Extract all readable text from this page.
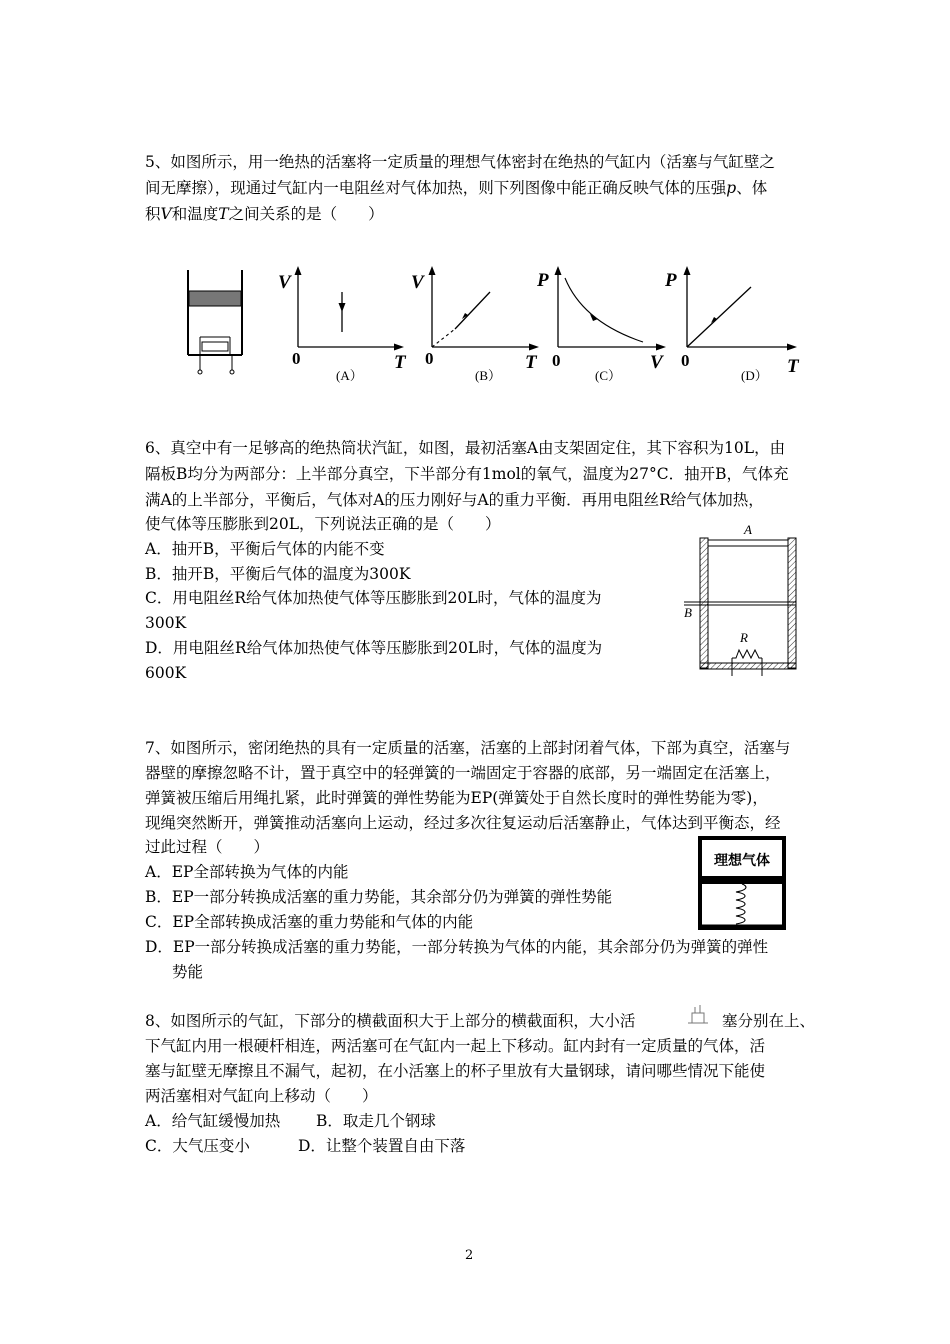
5、如图所示，用一绝热的活塞将一定质量的理想气体密封在绝热的气缸内（活塞与气缸壁之
间无摩擦），现通过气缸内一电阻丝对气体加热，则下列图像中能正确反映气体的压强p、体
积V和温度T之间关系的是（　　）
V
0	T
(A）
V
0	T
(B）
P
0	V
(C）
P
0	T
(D）
6、真空中有一足够高的绝热筒状汽缸，如图，最初活塞A由支架固定住，其下容积为10L，由
隔板B均分为两部分：上半部分真空，下半部分有1mol的氧气，温度为27°C．抽开B，气体充
满A的上半部分，平衡后，气体对A的压力刚好与A的重力平衡．再用电阻丝R给气体加热，
使气体等压膨胀到20L，下列说法正确的是（　　）
A．抽开B，平衡后气体的内能不变
B．抽开B，平衡后气体的温度为300K
C．用电阻丝R给气体加热使气体等压膨胀到20L时，气体的温度为
300K
D．用电阻丝R给气体加热使气体等压膨胀到20L时，气体的温度为
600K
A
B
R
7、如图所示，密闭绝热的具有一定质量的活塞，活塞的上部封闭着气体，下部为真空，活塞与
器壁的摩擦忽略不计，置于真空中的轻弹簧的一端固定于容器的底部，另一端固定在活塞上，
弹簧被压缩后用绳扎紧，此时弹簧的弹性势能为EP(弹簧处于自然长度时的弹性势能为零)，
现绳突然断开，弹簧推动活塞向上运动，经过多次往复运动后活塞静止，气体达到平衡态，经
过此过程（　　）
A．EP全部转换为气体的内能
B．EP一部分转换成活塞的重力势能，其余部分仍为弹簧的弹性势能
C．EP全部转换成活塞的重力势能和气体的内能
D．EP一部分转换成活塞的重力势能，一部分转换为气体的内能，其余部分仍为弹簧的弹性
势能
理想气体
8、如图所示的气缸，下部分的横截面积大于上部分的横截面积，大小活	塞分别在上、
下气缸内用一根硬杆相连，两活塞可在气缸内一起上下移动。缸内封有一定质量的气体，活
塞与缸壁无摩擦且不漏气，起初，在小活塞上的杯子里放有大量钢球，请问哪些情况下能使
两活塞相对气缸向上移动（　　）
A．给气缸缓慢加热 B．取走几个钢球
C．大气压变小	D．让整个装置自由下落
2
